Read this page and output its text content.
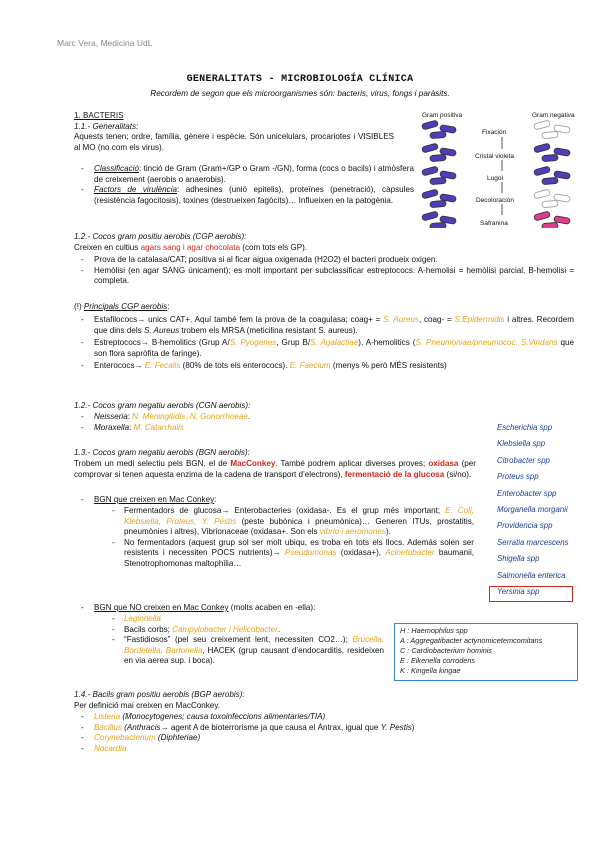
Marc Vera, Medicina UdL
GENERALITATS - MICROBIOLOGÍA CLÍNICA
Recordem de segon que els microorganismes són: bacteris, virus, fongs i paràsits.
Gram positiva	Gram negativa
Fixación
Cristal violeta
Lugol
Decoloración
Safranina
1. BACTERIS
1.1.- Generalitats:
Aquests tenen; ordre, família, gènere i espècie. Són unicelulars, procariotes i VISIBLES al MO (no com els virus).
- Classificació: tinció de Gram (Gram+/GP o Gram -/GN), forma (cocs o bacils) i atmòsfera de creixement (aerobis o anaerobis).
- Factors de virulència: adhesines (unió epitelis), proteïnes (penetració), càpsules (resistència fagocitosis), toxines (destrueixen fagòcits)… Influeixen en la patogènia.
1.2.- Cocos gram positiu aerobis (CGP aerobis):
Creixen en cultius agars sang i agar chocolata (com tots els GP).
- Prova de la catalasa/CAT; positiva si al ficar aigua oxigenada (H2O2) el bacteri produeix oxigen.
- Hemòlisi (en agar SANG únicament); es molt important per subclassificar estreptococs. A-hemolisi = hemòlisi parcial, B-hemolisi = completa.
(!) Principals CGP aerobis:
- Estafilococs→ unics CAT+. Aquí també fem la prova de la coagulasa; coag+ = S. Aureus, coag- = S.Epidermidis i altres. Recordem que dins dels S. Aureus trobem els MRSA (meticilina resistant S. aureus).
- Estreptococs→ B-hemolitics (Grup A/S. Pyogenes, Grup B/S. Agalactiae), A-hemolitics (S. Pneumoniae/pneumococ, S.Viridans que son flora sapròfita de faringe).
- Enterococs→ E. Fecalis (80% de tots els enterococs). E. Faecium (menys % però MÉS resistents)
1.2.- Cocos gram negatiu aerobis (CGN aerobis):
- Neisseria: N. Meningitidis, N. Gonorrhoeae.
- Moraxella: M. Catarrhalis
1.3.- Cocos gram negatiu aerobis (BGN aerobis):
Trobem un medi selectiu pels BGN, el de MacConkey. També podrem aplicar diverses proves; oxidasa (per comprovar si tenen aquesta enzima de la cadena de transport d’electrons), fermentació de la glucosa (si/no).
- BGN que creixen en Mac Conkey:
- Fermentadors de glucosa→ Enterobacteries (oxidasa-. Es el grup més important; E. Coli, Klebsiella, Proteus, Y. Pestis (peste bubònica i pneumònica)… Generen ITUs, prostatitis, pneumònies i altres), Vibrionaceae (oxidasa+. Son els vibrio i aeromones).
- No fermentadors (aquest grup sol ser molt ubiqu, es troba en tots els llocs. Además solen ser resistents i necessiten POCS nutrients)→ Pseudomonas (oxidasa+), Acinetobacter baumanii, Stenotrophomonas maltophilia…
- BGN que NO creixen en Mac Conkey (molts acaben en -ella):
- Legionella
- Bacils corbs; Campylobacter i Helicobacter.
- “Fastidiosos” (pel seu creixement lent, necessiten CO2…); Brucella, Bordetella, Bartonella, HACEK (grup causant d’endocarditis, resideixen en via aerea sup. i boca).
Escherichia spp
Klebsiella spp
Citrobacter spp
Proteus spp
Enterobacter spp
Morganella morganii
Providencia spp
Serratia marcescens
Shigella spp
Salmonella enterica
Yersinia spp
H : Haemophilus spp
A : Aggregatibacter actynomicetemcomitans
C : Cardiobacterium hominis
E : Eikenella corrodens
K : Kingella kingae
1.4.- Bacils gram positiu aerobis (BGP aerobis):
Per definició mai creixen en MacConkey.
- Listeria (Monocytogenes; causa toxoinfeccions alimentaries/TIA)
- Bacillus (Anthracis→ agent A de bioterrorisme ja que causa el Àntrax, igual que Y. Pestis)
- Corynebacterium (Diphteriae)
- Nocardia
